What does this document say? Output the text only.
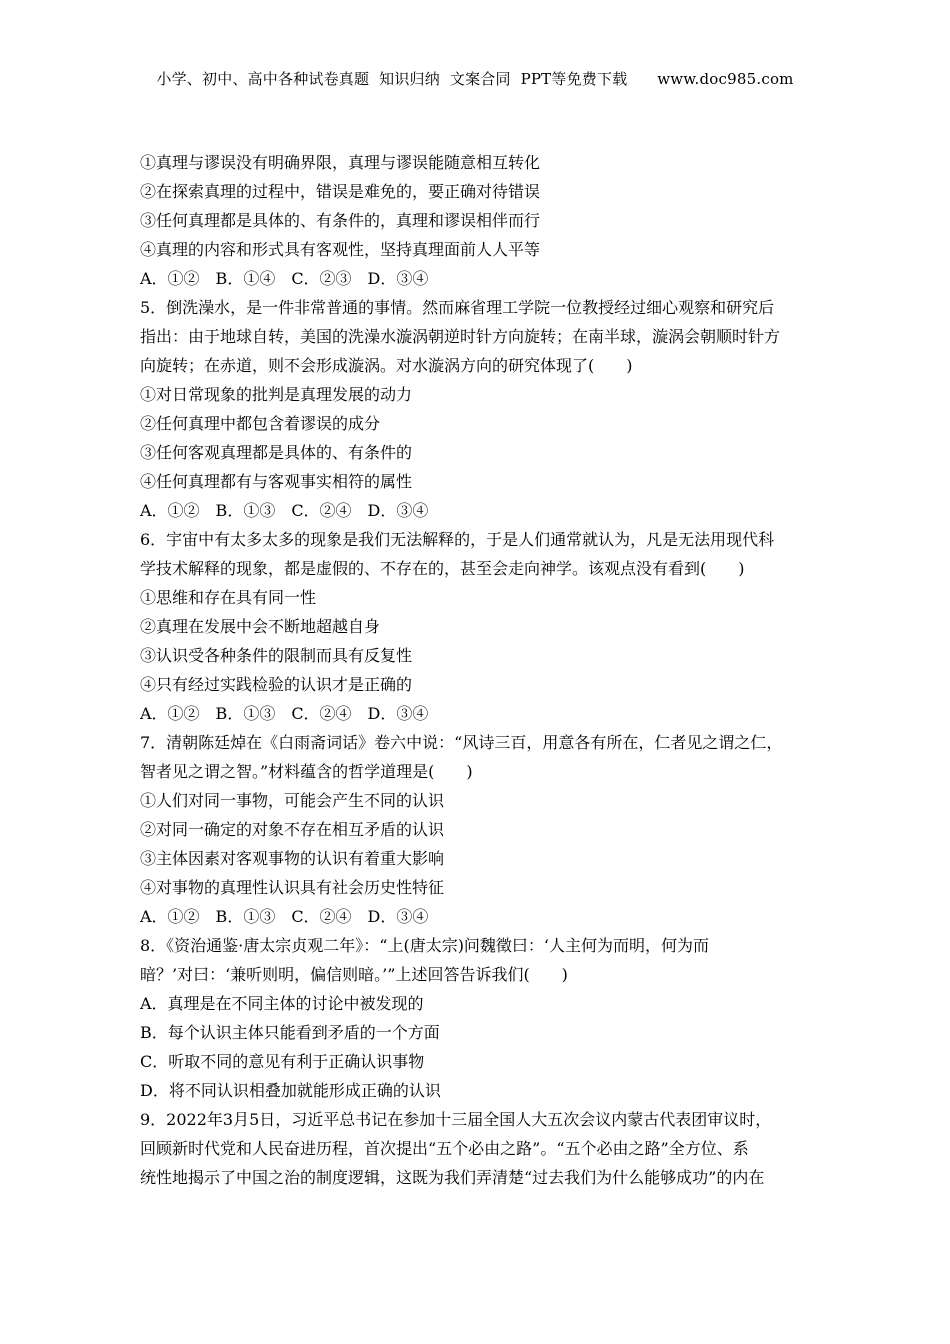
小学、初中、高中各种试卷真题  知识归纳  文案合同  PPT等免费下载      www.doc985.com
①真理与谬误没有明确界限，真理与谬误能随意相互转化
②在探索真理的过程中，错误是难免的，要正确对待错误
③任何真理都是具体的、有条件的，真理和谬误相伴而行
④真理的内容和形式具有客观性，坚持真理面前人人平等
A．①②　B．①④　C．②③　D．③④
5．倒洗澡水，是一件非常普通的事情。然而麻省理工学院一位教授经过细心观察和研究后
指出：由于地球自转，美国的洗澡水漩涡朝逆时针方向旋转；在南半球，漩涡会朝顺时针方
向旋转；在赤道，则不会形成漩涡。对水漩涡方向的研究体现了(　　)
①对日常现象的批判是真理发展的动力
②任何真理中都包含着谬误的成分
③任何客观真理都是具体的、有条件的
④任何真理都有与客观事实相符的属性
A．①②　B．①③　C．②④　D．③④
6．宇宙中有太多太多的现象是我们无法解释的，于是人们通常就认为，凡是无法用现代科
学技术解释的现象，都是虚假的、不存在的，甚至会走向神学。该观点没有看到(　　)
①思维和存在具有同一性
②真理在发展中会不断地超越自身
③认识受各种条件的限制而具有反复性
④只有经过实践检验的认识才是正确的
A．①②　B．①③　C．②④　D．③④
7．清朝陈廷焯在《白雨斋词话》卷六中说：“风诗三百，用意各有所在，仁者见之谓之仁，
智者见之谓之智。”材料蕴含的哲学道理是(　　)
①人们对同一事物，可能会产生不同的认识
②对同一确定的对象不存在相互矛盾的认识
③主体因素对客观事物的认识有着重大影响
④对事物的真理性认识具有社会历史性特征
A．①②　B．①③　C．②④　D．③④
8．《资治通鉴·唐太宗贞观二年》：“上(唐太宗)问魏徵曰：‘人主何为而明，何为而
暗？’对曰：‘兼听则明，偏信则暗。’”上述回答告诉我们(　　)
A．真理是在不同主体的讨论中被发现的
B．每个认识主体只能看到矛盾的一个方面
C．听取不同的意见有利于正确认识事物
D．将不同认识相叠加就能形成正确的认识
9．2022年3月5日，习近平总书记在参加十三届全国人大五次会议内蒙古代表团审议时，
回顾新时代党和人民奋进历程，首次提出“五个必由之路”。“五个必由之路”全方位、系
统性地揭示了中国之治的制度逻辑，这既为我们弄清楚“过去我们为什么能够成功”的内在
